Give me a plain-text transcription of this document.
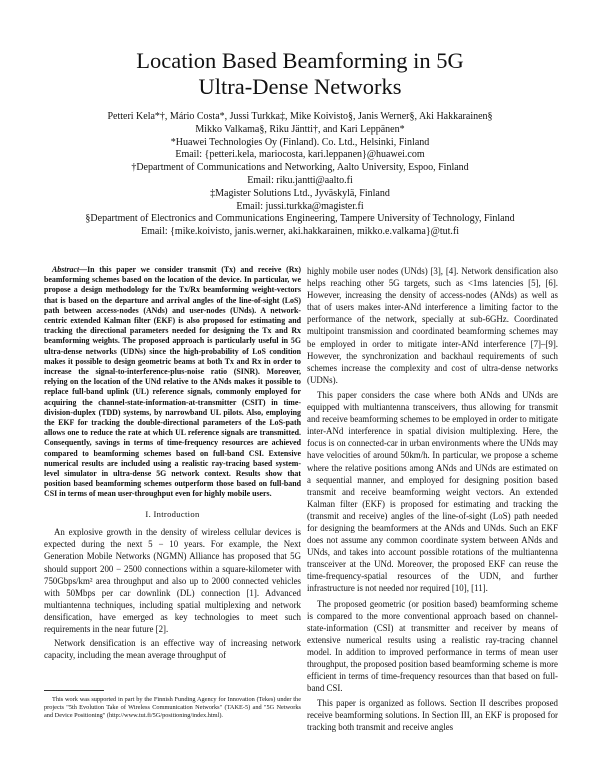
Location Based Beamforming in 5G
Ultra-Dense Networks
Petteri Kela*†, Mário Costa*, Jussi Turkka‡, Mike Koivisto§, Janis Werner§, Aki Hakkarainen§
Mikko Valkama§, Riku Jäntti†, and Kari Leppänen*
*Huawei Technologies Oy (Finland). Co. Ltd., Helsinki, Finland
Email: {petteri.kela, mariocosta, kari.leppanen}@huawei.com
†Department of Communications and Networking, Aalto University, Espoo, Finland
Email: riku.jantti@aalto.fi
‡Magister Solutions Ltd., Jyväskylä, Finland
Email: jussi.turkka@magister.fi
§Department of Electronics and Communications Engineering, Tampere University of Technology, Finland
Email: {mike.koivisto, janis.werner, aki.hakkarainen, mikko.e.valkama}@tut.fi

Abstract—In this paper we consider transmit (Tx) and receive (Rx) beamforming schemes based on the location of the device. In particular, we propose a design methodology for the Tx/Rx beamforming weight-vectors that is based on the departure and arrival angles of the line-of-sight (LoS) path between access-nodes (ANds) and user-nodes (UNds). A network-centric extended Kalman filter (EKF) is also proposed for estimating and tracking the directional parameters needed for designing the Tx and Rx beamforming weights. The proposed approach is particularly useful in 5G ultra-dense networks (UDNs) since the high-probability of LoS condition makes it possible to design geometric beams at both Tx and Rx in order to increase the signal-to-interference-plus-noise ratio (SINR). Moreover, relying on the location of the UNd relative to the ANds makes it possible to replace full-band uplink (UL) reference signals, commonly employed for acquiring the channel-state-information-at-transmitter (CSIT) in time-division-duplex (TDD) systems, by narrowband UL pilots. Also, employing the EKF for tracking the double-directional parameters of the LoS-path allows one to reduce the rate at which UL reference signals are transmitted. Consequently, savings in terms of time-frequency resources are achieved compared to beamforming schemes based on full-band CSI. Extensive numerical results are included using a realistic ray-tracing based system-level simulator in ultra-dense 5G network context. Results show that position based beamforming schemes outperform those based on full-band CSI in terms of mean user-throughput even for highly mobile users.

I. Introduction

An explosive growth in the density of wireless cellular devices is expected during the next 5 − 10 years. For example, the Next Generation Mobile Networks (NGMN) Alliance has proposed that 5G should support 200 − 2500 connections within a square-kilometer with 750Gbps/km² area throughput and also up to 2000 connected vehicles with 50Mbps per car downlink (DL) connection [1]. Advanced multiantenna techniques, including spatial multiplexing and network densification, have emerged as key technologies to meet such requirements in the near future [2].

Network densification is an effective way of increasing network capacity, including the mean average throughput of

highly mobile user nodes (UNds) [3], [4]. Network densification also helps reaching other 5G targets, such as <1ms latencies [5], [6]. However, increasing the density of access-nodes (ANds) as well as that of users makes inter-ANd interference a limiting factor to the performance of the network, specially at sub-6GHz. Coordinated multipoint transmission and coordinated beamforming schemes may be employed in order to mitigate inter-ANd interference [7]–[9]. However, the synchronization and backhaul requirements of such schemes increase the complexity and cost of ultra-dense networks (UDNs).

This paper considers the case where both ANds and UNds are equipped with multiantenna transceivers, thus allowing for transmit and receive beamforming schemes to be employed in order to mitigate inter-ANd interference in spatial division multiplexing. Here, the focus is on connected-car in urban environments where the UNds may have velocities of around 50km/h. In particular, we propose a scheme where the relative positions among ANds and UNds are estimated on a sequential manner, and employed for designing position based transmit and receive beamforming weight vectors. An extended Kalman filter (EKF) is proposed for estimating and tracking the (transmit and receive) angles of the line-of-sight (LoS) path needed for designing the beamformers at the ANds and UNds. Such an EKF does not assume any common coordinate system between ANds and UNds, and takes into account possible rotations of the multiantenna transceiver at the UNd. Moreover, the proposed EKF can reuse the time-frequency-spatial resources of the UDN, and further infrastructure is not needed nor required [10], [11].

The proposed geometric (or position based) beamforming scheme is compared to the more conventional approach based on channel-state-information (CSI) at transmitter and receiver by means of extensive numerical results using a realistic ray-tracing channel model. In addition to improved performance in terms of mean user throughput, the proposed position based beamforming scheme is more efficient in terms of time-frequency resources than that based on full-band CSI.

This paper is organized as follows. Section II describes proposed receive beamforming solutions. In Section III, an EKF is proposed for tracking both transmit and receive angles

This work was supported in part by the Finnish Funding Agency for Innovation (Tekes) under the projects "5th Evolution Take of Wireless Communication Networks" (TAKE-5) and "5G Networks and Device Positioning" (http://www.tut.fi/5G/positioning/index.html).
